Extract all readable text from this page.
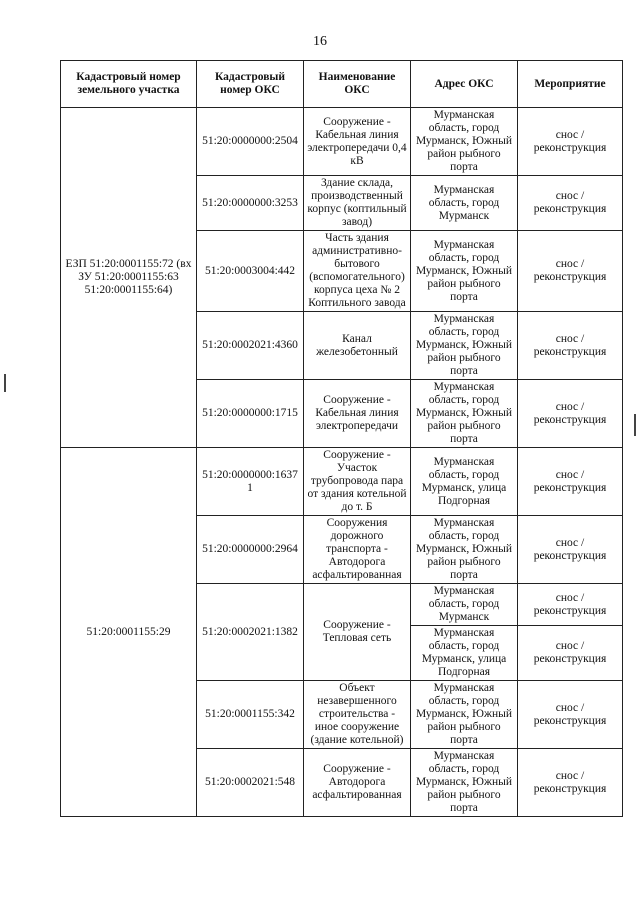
16
Кадастровый номер земельного участка	Кадастровый номер ОКС	Наименование ОКС	Адрес ОКС	Мероприятие
ЕЗП 51:20:0001155:72 (вх ЗУ 51:20:0001155:63 51:20:0001155:64)	51:20:0000000:2504	Сооружение - Кабельная линия электропередачи 0,4 кВ	Мурманская область, город Мурманск, Южный район рыбного порта	снос / реконструкция
	51:20:0000000:3253	Здание склада, производственный корпус (коптильный завод)	Мурманская область, город Мурманск	снос / реконструкция
	51:20:0003004:442	Часть здания административно-бытового (вспомогательного) корпуса цеха № 2 Коптильного завода	Мурманская область, город Мурманск, Южный район рыбного порта	снос / реконструкция
	51:20:0002021:4360	Канал железобетонный	Мурманская область, город Мурманск, Южный район рыбного порта	снос / реконструкция
	51:20:0000000:1715	Сооружение - Кабельная линия электропередачи	Мурманская область, город Мурманск, Южный район рыбного порта	снос / реконструкция
51:20:0001155:29	51:20:0000000:16371	Сооружение - Участок трубопровода пара от здания котельной до т. Б	Мурманская область, город Мурманск, улица Подгорная	снос / реконструкция
	51:20:0000000:2964	Сооружения дорожного транспорта - Автодорога асфальтированная	Мурманская область, город Мурманск, Южный район рыбного порта	снос / реконструкция
	51:20:0002021:1382	Сооружение - Тепловая сеть	Мурманская область, город Мурманск	снос / реконструкция
			Мурманская область, город Мурманск, улица Подгорная	снос / реконструкция
	51:20:0001155:342	Объект незавершенного строительства - иное сооружение (здание котельной)	Мурманская область, город Мурманск, Южный район рыбного порта	снос / реконструкция
	51:20:0002021:548	Сооружение - Автодорога асфальтированная	Мурманская область, город Мурманск, Южный район рыбного порта	снос / реконструкция
